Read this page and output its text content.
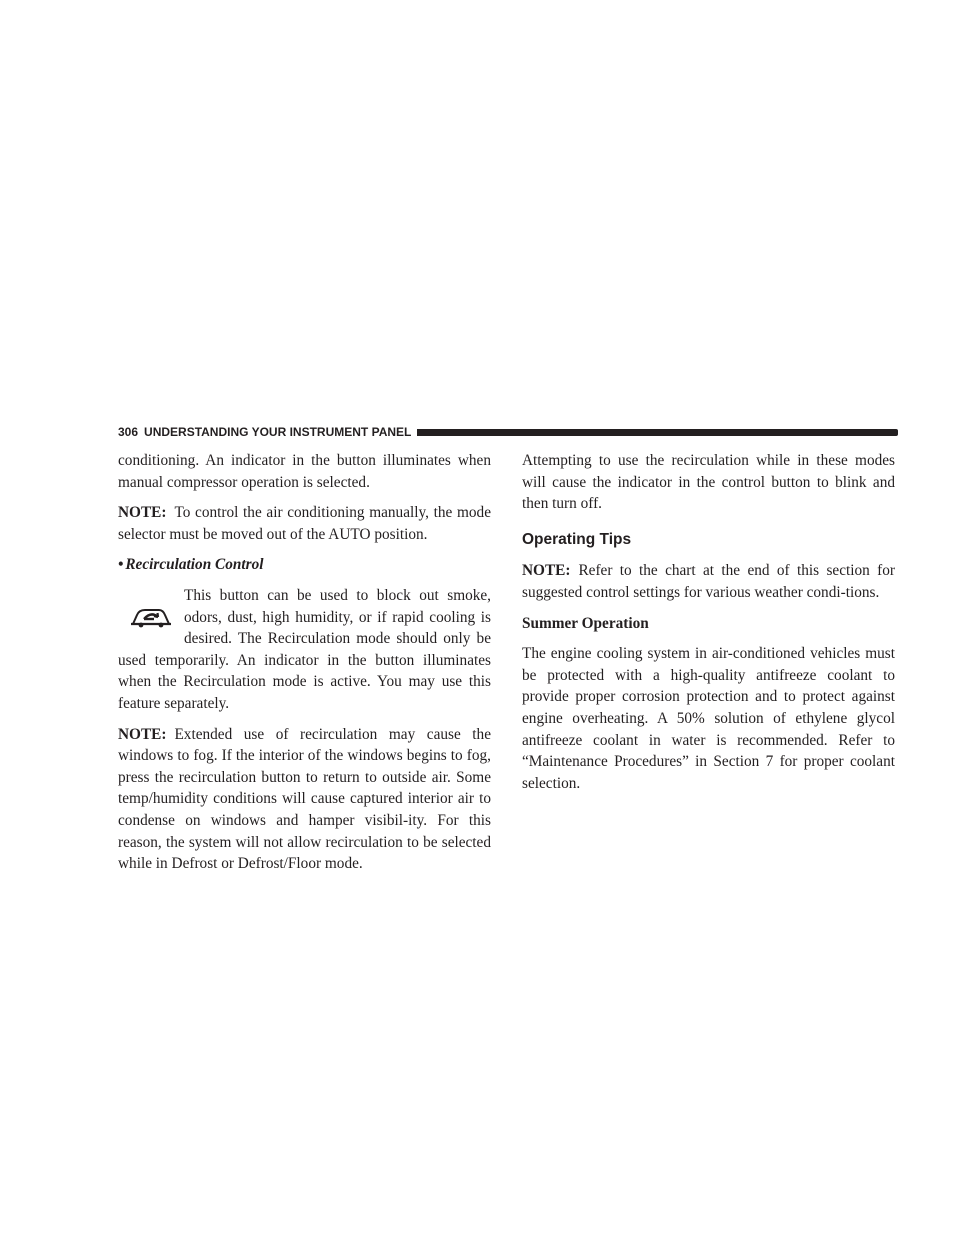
306 UNDERSTANDING YOUR INSTRUMENT PANEL

conditioning. An indicator in the button illuminates when manual compressor operation is selected.

NOTE: To control the air conditioning manually, the mode selector must be moved out of the AUTO position.

• Recirculation Control

This button can be used to block out smoke, odors, dust, high humidity, or if rapid cooling is desired. The Recirculation mode should only be used temporarily. An indicator in the button illuminates when the Recirculation mode is active. You may use this feature separately.

NOTE: Extended use of recirculation may cause the windows to fog. If the interior of the windows begins to fog, press the recirculation button to return to outside air. Some temp/humidity conditions will cause captured interior air to condense on windows and hamper visibil-ity. For this reason, the system will not allow recirculation to be selected while in Defrost or Defrost/Floor mode.

Attempting to use the recirculation while in these modes will cause the indicator in the control button to blink and then turn off.

Operating Tips

NOTE: Refer to the chart at the end of this section for suggested control settings for various weather condi-tions.

Summer Operation

The engine cooling system in air-conditioned vehicles must be protected with a high-quality antifreeze coolant to provide proper corrosion protection and to protect against engine overheating. A 50% solution of ethylene glycol antifreeze coolant in water is recommended. Refer to “Maintenance Procedures” in Section 7 for proper coolant selection.
